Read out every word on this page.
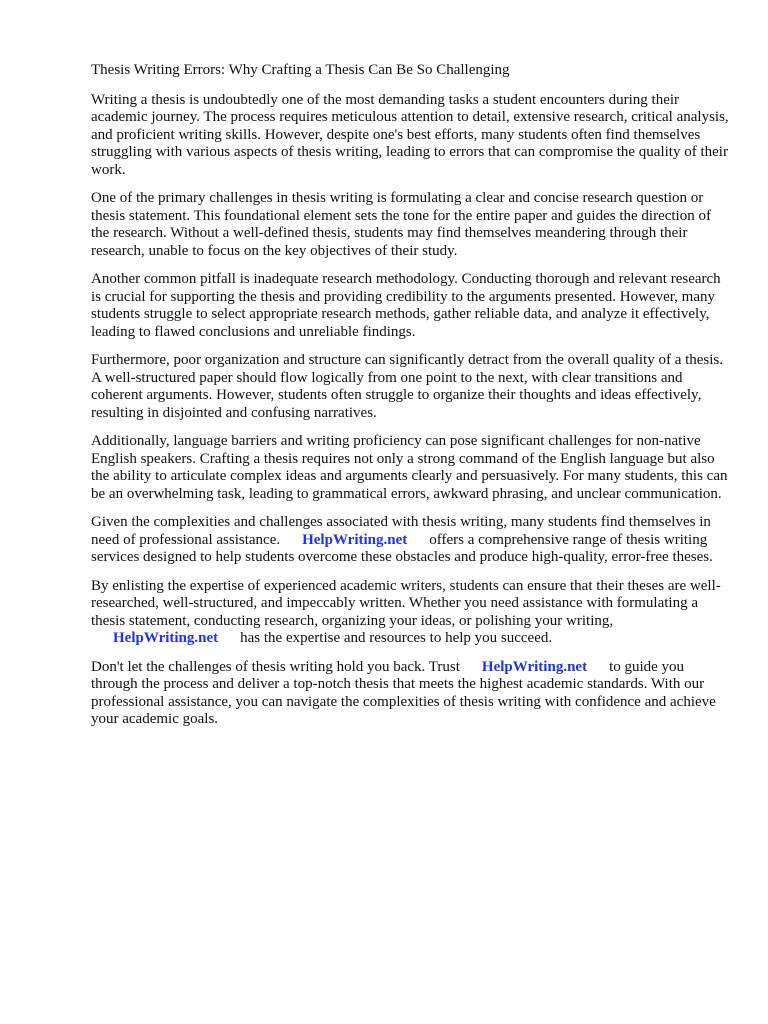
Thesis Writing Errors: Why Crafting a Thesis Can Be So Challenging

Writing a thesis is undoubtedly one of the most demanding tasks a student encounters during their academic journey. The process requires meticulous attention to detail, extensive research, critical analysis, and proficient writing skills. However, despite one's best efforts, many students often find themselves struggling with various aspects of thesis writing, leading to errors that can compromise the quality of their work.

One of the primary challenges in thesis writing is formulating a clear and concise research question or thesis statement. This foundational element sets the tone for the entire paper and guides the direction of the research. Without a well-defined thesis, students may find themselves meandering through their research, unable to focus on the key objectives of their study.

Another common pitfall is inadequate research methodology. Conducting thorough and relevant research is crucial for supporting the thesis and providing credibility to the arguments presented. However, many students struggle to select appropriate research methods, gather reliable data, and analyze it effectively, leading to flawed conclusions and unreliable findings.

Furthermore, poor organization and structure can significantly detract from the overall quality of a thesis. A well-structured paper should flow logically from one point to the next, with clear transitions and coherent arguments. However, students often struggle to organize their thoughts and ideas effectively, resulting in disjointed and confusing narratives.

Additionally, language barriers and writing proficiency can pose significant challenges for non-native English speakers. Crafting a thesis requires not only a strong command of the English language but also the ability to articulate complex ideas and arguments clearly and persuasively. For many students, this can be an overwhelming task, leading to grammatical errors, awkward phrasing, and unclear communication.

Given the complexities and challenges associated with thesis writing, many students find themselves in need of professional assistance. HelpWriting.net offers a comprehensive range of thesis writing services designed to help students overcome these obstacles and produce high-quality, error-free theses.

By enlisting the expertise of experienced academic writers, students can ensure that their theses are well-researched, well-structured, and impeccably written. Whether you need assistance with formulating a thesis statement, conducting research, organizing your ideas, or polishing your writing,
HelpWriting.net has the expertise and resources to help you succeed.

Don't let the challenges of thesis writing hold you back. Trust HelpWriting.net to guide you through the process and deliver a top-notch thesis that meets the highest academic standards. With our professional assistance, you can navigate the complexities of thesis writing with confidence and achieve your academic goals.
